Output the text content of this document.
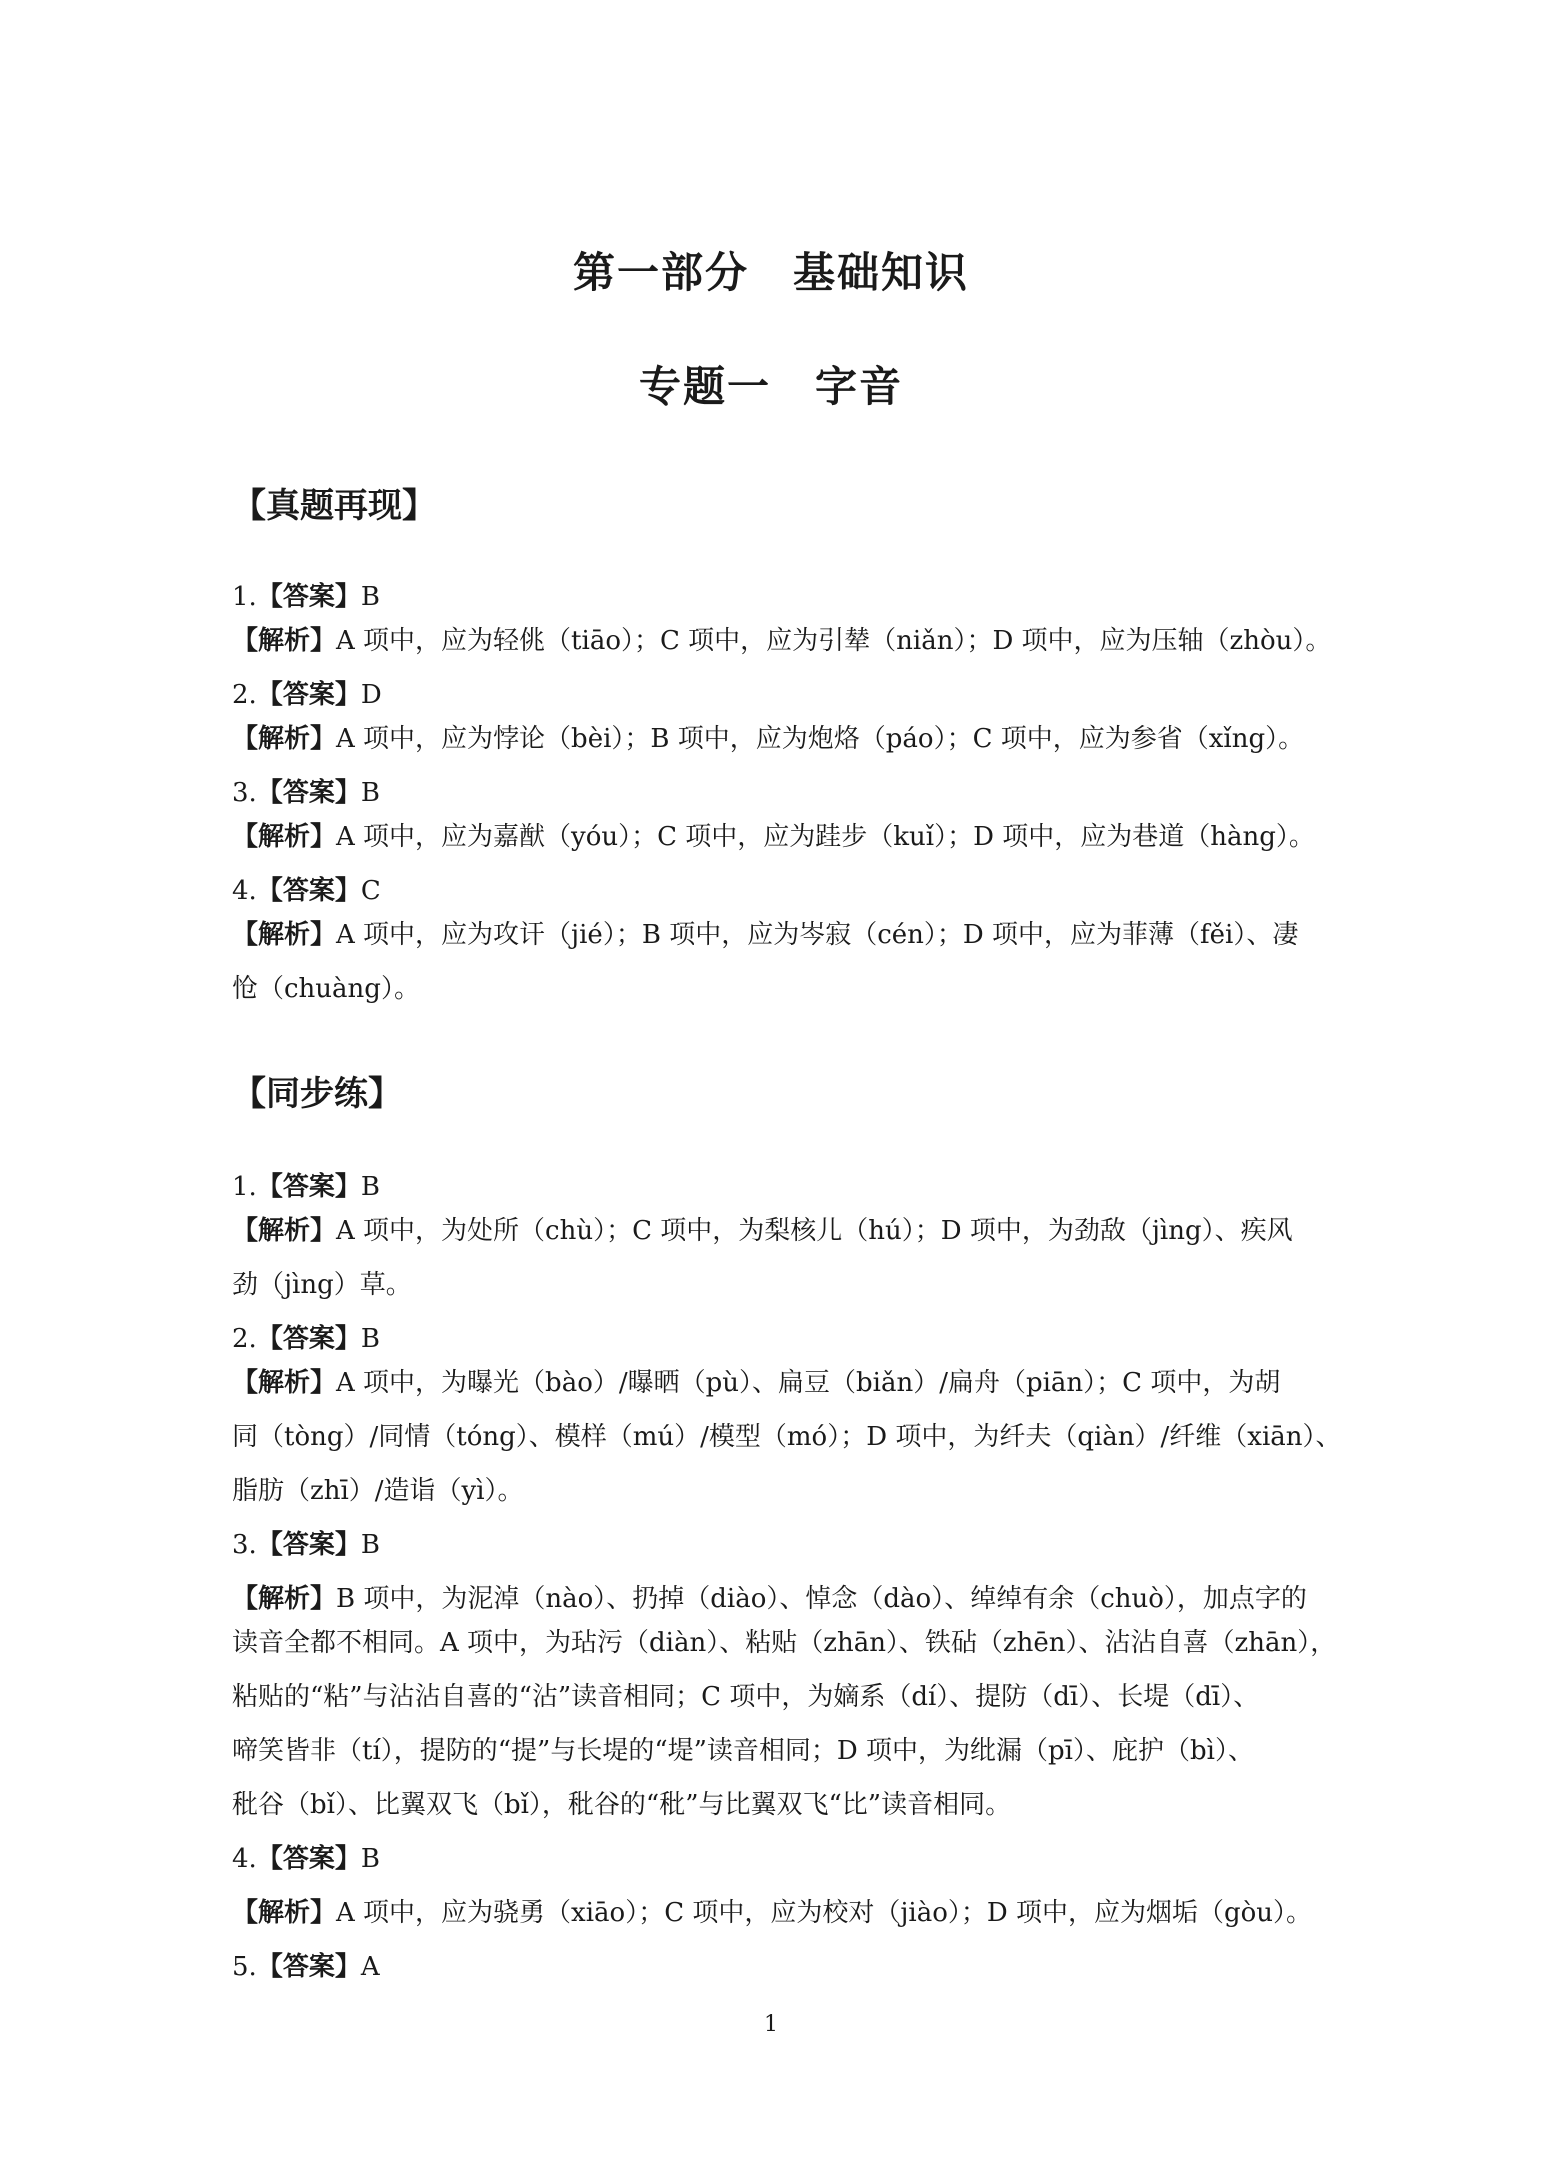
第一部分　基础知识
专题一　字音
【真题再现】
1.【答案】B
【解析】A 项中，应为轻佻（tiāo）；C 项中，应为引辇（niǎn）；D 项中，应为压轴（zhòu）。
2.【答案】D
【解析】A 项中，应为悖论（bèi）；B 项中，应为炮烙（páo）；C 项中，应为参省（xǐng）。
3.【答案】B
【解析】A 项中，应为嘉猷（yóu）；C 项中，应为跬步（kuǐ）；D 项中，应为巷道（hàng）。
4.【答案】C
【解析】A 项中，应为攻讦（jié）；B 项中，应为岑寂（cén）；D 项中，应为菲薄（fěi）、凄
怆（chuàng）。
【同步练】
1.【答案】B
【解析】A 项中，为处所（chù）；C 项中，为梨核儿（hú）；D 项中，为劲敌（jìng）、疾风
劲（jìng）草。
2.【答案】B
【解析】A 项中，为曝光（bào）/曝晒（pù）、扁豆（biǎn）/扁舟（piān）；C 项中，为胡
同（tòng）/同情（tóng）、模样（mú）/模型（mó）；D 项中，为纤夫（qiàn）/纤维（xiān）、
脂肪（zhī）/造诣（yì）。
3.【答案】B
【解析】B 项中，为泥淖（nào）、扔掉（diào）、悼念（dào）、绰绰有余（chuò），加点字的
读音全都不相同。A 项中，为玷污（diàn）、粘贴（zhān）、铁砧（zhēn）、沾沾自喜（zhān），
粘贴的“粘”与沾沾自喜的“沾”读音相同；C 项中，为嫡系（dí）、提防（dī）、长堤（dī）、
啼笑皆非（tí），提防的“提”与长堤的“堤”读音相同；D 项中，为纰漏（pī）、庇护（bì）、
秕谷（bǐ）、比翼双飞（bǐ），秕谷的“秕”与比翼双飞“比”读音相同。
4.【答案】B
【解析】A 项中，应为骁勇（xiāo）；C 项中，应为校对（jiào）；D 项中，应为烟垢（gòu）。
5.【答案】A
1
